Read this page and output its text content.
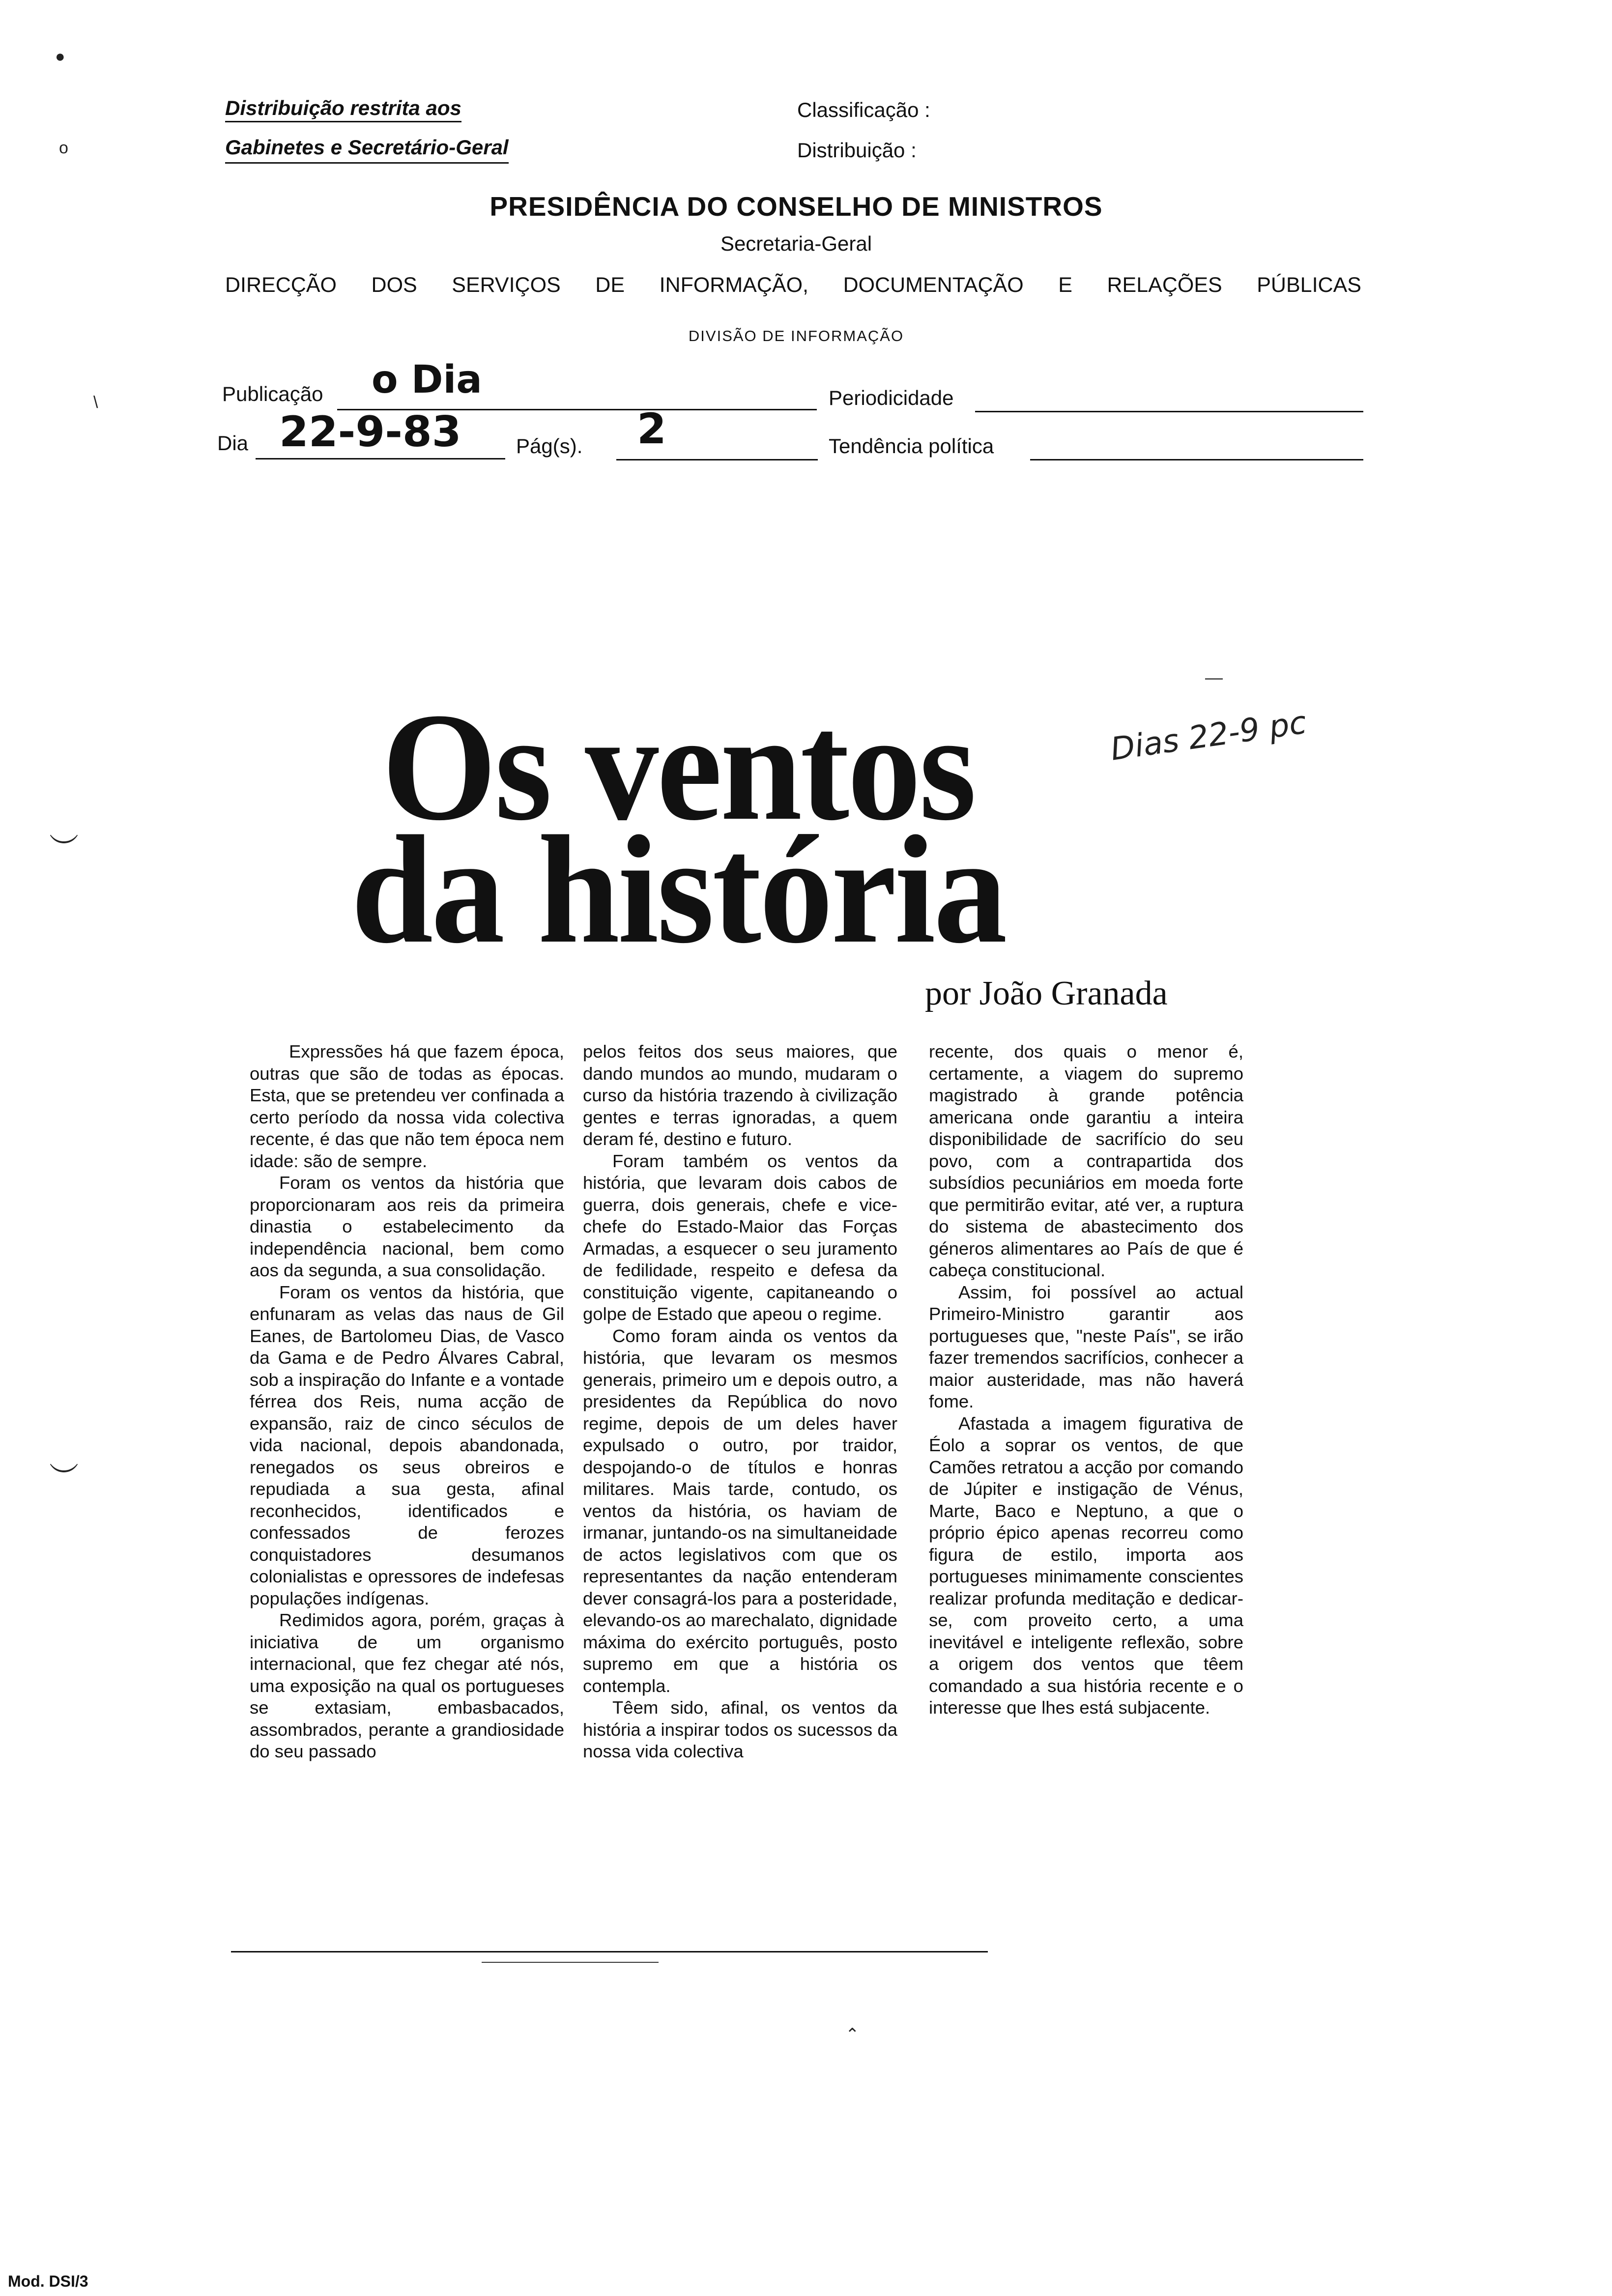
●
o
︶
︶
\
Distribuição restrita aos
Gabinetes e Secretário-Geral
Classificação :
Distribuição :
PRESIDÊNCIA DO CONSELHO DE MINISTROS
Secretaria-Geral
DIRECÇÃO DOS SERVIÇOS DE INFORMAÇÃO, DOCUMENTAÇÃO E RELAÇÕES PÚBLICAS
DIVISÃO DE INFORMAÇÃO
Publicação o Dia	Periodicidade
Dia 22-9-83	Pág(s). 2	Tendência política
Os ventos
da história
Dias 22-9 pc
por João Granada

Expressões há que fazem época, outras que são de todas as épocas. Esta, que se pretendeu ver confinada a certo período da nossa vida colectiva recente, é das que não tem época nem idade: são de sempre.

Foram os ventos da história que proporcionaram aos reis da primeira dinastia o estabelecimento da independência nacional, bem como aos da segunda, a sua consolidação.

Foram os ventos da história, que enfunaram as velas das naus de Gil Eanes, de Bartolomeu Dias, de Vasco da Gama e de Pedro Álvares Cabral, sob a inspiração do Infante e a vontade férrea dos Reis, numa acção de expansão, raiz de cinco séculos de vida nacional, depois abandonada, renegados os seus obreiros e repudiada a sua gesta, afinal reconhecidos, identificados e confessados de ferozes conquistadores desumanos colonialistas e opressores de indefesas populações indígenas.

Redimidos agora, porém, graças à iniciativa de um organismo internacional, que fez chegar até nós, uma exposição na qual os portugueses se extasiam, embasbacados, assombrados, perante a grandiosidade do seu passado

pelos feitos dos seus maiores, que dando mundos ao mundo, mudaram o curso da história trazendo à civilização gentes e terras ignoradas, a quem deram fé, destino e futuro.

Foram também os ventos da história, que levaram dois cabos de guerra, dois generais, chefe e vice-chefe do Estado-Maior das Forças Armadas, a esquecer o seu juramento de fedilidade, respeito e defesa da constituição vigente, capitaneando o golpe de Estado que apeou o regime.

Como foram ainda os ventos da história, que levaram os mesmos generais, primeiro um e depois outro, a presidentes da República do novo regime, depois de um deles haver expulsado o outro, por traidor, despojando-o de títulos e honras militares. Mais tarde, contudo, os ventos da história, os haviam de irmanar, juntando-os na simultaneidade de actos legislativos com que os representantes da nação entenderam dever consagrá-los para a posteridade, elevando-os ao marechalato, dignidade máxima do exército português, posto supremo em que a história os contempla.

Têem sido, afinal, os ventos da história a inspirar todos os sucessos da nossa vida colectiva

recente, dos quais o menor é, certamente, a viagem do supremo magistrado à grande potência americana onde garantiu a inteira disponibilidade de sacrifício do seu povo, com a contrapartida dos subsídios pecuniários em moeda forte que permitirão evitar, até ver, a ruptura do sistema de abastecimento dos géneros alimentares ao País de que é cabeça constitucional.

Assim, foi possível ao actual Primeiro-Ministro garantir aos portugueses que, "neste País", se irão fazer tremendos sacrifícios, conhecer a maior austeridade, mas não haverá fome.

Afastada a imagem figurativa de Éolo a soprar os ventos, de que Camões retratou a acção por comando de Júpiter e instigação de Vénus, Marte, Baco e Neptuno, a que o próprio épico apenas recorreu como figura de estilo, importa aos portugueses minimamente conscientes realizar profunda meditação e dedicar-se, com proveito certo, a uma inevitável e inteligente reflexão, sobre a origem dos ventos que têem comandado a sua história recente e o interesse que lhes está subjacente.

⌃
Mod. DSI/3
